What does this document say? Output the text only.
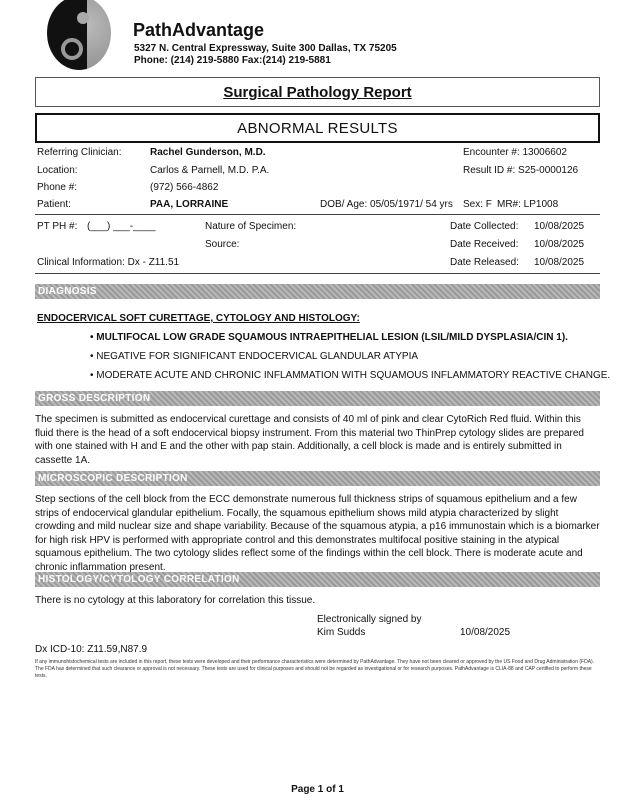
PathAdvantage
5327 N. Central Expressway, Suite 300 Dallas, TX 75205
Phone: (214) 219-5880 Fax:(214) 219-5881
Surgical Pathology Report
ABNORMAL RESULTS
Referring Clinician:	Rachel Gunderson, M.D.	Encounter #: 13006602
Location:	Carlos & Parnell, M.D. P.A.	Result ID #: S25-0000126
Phone #:	(972) 566-4862
Patient:	PAA, LORRAINE	DOB/ Age: 05/05/1971/ 54 yrs Sex: F MR#: LP1008
PT PH #: (___) ___-____	Nature of Specimen:	Date Collected: 10/08/2025
Source:	Date Received: 10/08/2025
Clinical Information: Dx - Z11.51	Date Released: 10/08/2025
DIAGNOSIS
ENDOCERVICAL SOFT CURETTAGE, CYTOLOGY AND HISTOLOGY:
• MULTIFOCAL LOW GRADE SQUAMOUS INTRAEPITHELIAL LESION (LSIL/MILD DYSPLASIA/CIN 1).
• NEGATIVE FOR SIGNIFICANT ENDOCERVICAL GLANDULAR ATYPIA
• MODERATE ACUTE AND CHRONIC INFLAMMATION WITH SQUAMOUS INFLAMMATORY REACTIVE CHANGE.
GROSS DESCRIPTION
The specimen is submitted as endocervical curettage and consists of 40 ml of pink and clear CytoRich Red fluid. Within this fluid there is the head of a soft endocervical biopsy instrument. From this material two ThinPrep cytology slides are prepared with one stained with H and E and the other with pap stain. Additionally, a cell block is made and is entirely submitted in cassette 1A.
MICROSCOPIC DESCRIPTION
Step sections of the cell block from the ECC demonstrate numerous full thickness strips of squamous epithelium and a few strips of endocervical glandular epithelium. Focally, the squamous epithelium shows mild atypia characterized by slight crowding and mild nuclear size and shape variability. Because of the squamous atypia, a p16 immunostain which is a biomarker for high risk HPV is performed with appropriate control and this demonstrates multifocal positive staining in the atypical squamous epithelium. The two cytology slides reflect some of the findings within the cell block. There is moderate acute and chronic inflammation present.
HISTOLOGY/CYTOLOGY CORRELATION
There is no cytology at this laboratory for correlation this tissue.
Electronically signed by
Kim Sudds	10/08/2025
Dx ICD-10: Z11.59,N87.9
If any immunohistochemical tests are included in this report, these tests were developed and their performance characteristics were determined by PathAdvantage. They have not been cleared or approved by the US Food and Drug Administration (FDA). The FDA has determined that such clearance or approval is not necessary. These tests are used for clinical purposes and should not be regarded as investigational or for research purposes. PathAdvantage is CLIA-88 and CAP certified to perform these tests.
Page 1 of 1
